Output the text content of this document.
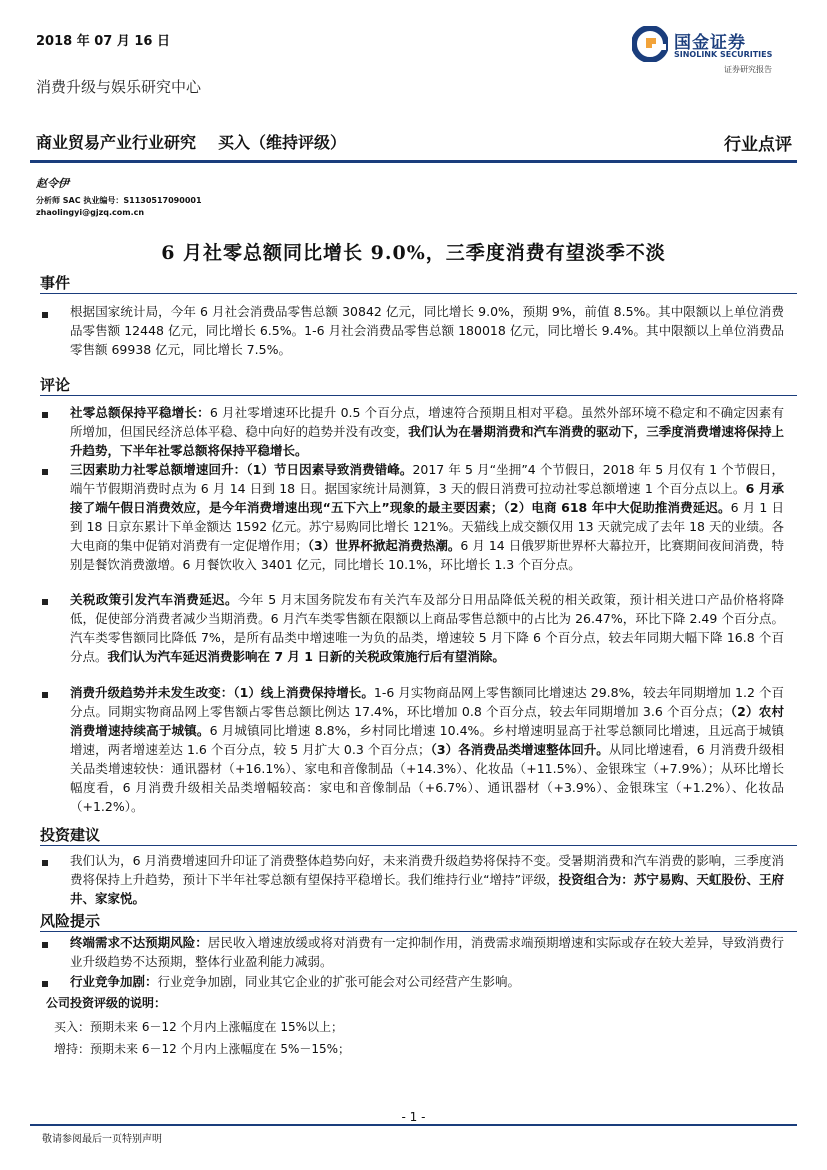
2018 年 07 月 16 日	国金证券
SINOLINK SECURITIES
证券研究报告
消费升级与娱乐研究中心
商业贸易产业行业研究 买入（维持评级）	行业点评
赵令伊
分析师 SAC 执业编号：S1130517090001
zhaolingyi@gjzq.com.cn
6 月社零总额同比增长 9.0%，三季度消费有望淡季不淡
事件
根据国家统计局，今年 6 月社会消费品零售总额 30842 亿元，同比增长 9.0%，预期 9%，前值 8.5%。其中限额以上单位消费品零售额 12448 亿元，同比增长 6.5%。1-6 月社会消费品零售总额 180018 亿元，同比增长 9.4%。其中限额以上单位消费品零售额 69938 亿元，同比增长 7.5%。
评论
社零总额保持平稳增长：6 月社零增速环比提升 0.5 个百分点，增速符合预期且相对平稳。虽然外部环境不稳定和不确定因素有所增加，但国民经济总体平稳、稳中向好的趋势并没有改变，我们认为在暑期消费和汽车消费的驱动下，三季度消费增速将保持上升趋势，下半年社零总额将保持平稳增长。
三因素助力社零总额增速回升：（1）节日因素导致消费错峰。2017 年 5 月“坐拥”4 个节假日，2018 年 5 月仅有 1 个节假日，端午节假期消费时点为 6 月 14 日到 18 日。据国家统计局测算，3 天的假日消费可拉动社零总额增速 1 个百分点以上。6 月承接了端午假日消费效应，是今年消费增速出现“五下六上”现象的最主要因素；（2）电商 618 年中大促助推消费延迟。6 月 1 日到 18 日京东累计下单金额达 1592 亿元。苏宁易购同比增长 121%。天猫线上成交额仅用 13 天就完成了去年 18 天的业绩。各大电商的集中促销对消费有一定促增作用；（3）世界杯掀起消费热潮。6 月 14 日俄罗斯世界杯大幕拉开，比赛期间夜间消费，特别是餐饮消费激增。6 月餐饮收入 3401 亿元，同比增长 10.1%，环比增长 1.3 个百分点。
关税政策引发汽车消费延迟。今年 5 月末国务院发布有关汽车及部分日用品降低关税的相关政策，预计相关进口产品价格将降低，促使部分消费者减少当期消费。6 月汽车类零售额在限额以上商品零售总额中的占比为 26.47%，环比下降 2.49 个百分点。汽车类零售额同比降低 7%，是所有品类中增速唯一为负的品类，增速较 5 月下降 6 个百分点，较去年同期大幅下降 16.8 个百分点。我们认为汽车延迟消费影响在 7 月 1 日新的关税政策施行后有望消除。
消费升级趋势并未发生改变：（1）线上消费保持增长。1-6 月实物商品网上零售额同比增速达 29.8%，较去年同期增加 1.2 个百分点。同期实物商品网上零售额占零售总额比例达 17.4%，环比增加 0.8 个百分点，较去年同期增加 3.6 个百分点；（2）农村消费增速持续高于城镇。6 月城镇同比增速 8.8%，乡村同比增速 10.4%。乡村增速明显高于社零总额同比增速，且远高于城镇增速，两者增速差达 1.6 个百分点，较 5 月扩大 0.3 个百分点；（3）各消费品类增速整体回升。从同比增速看，6 月消费升级相关品类增速较快：通讯器材（+16.1%）、家电和音像制品（+14.3%）、化妆品（+11.5%）、金银珠宝（+7.9%）；从环比增长幅度看，6 月消费升级相关品类增幅较高：家电和音像制品（+6.7%）、通讯器材（+3.9%）、金银珠宝（+1.2%）、化妆品（+1.2%）。
投资建议
我们认为，6 月消费增速回升印证了消费整体趋势向好，未来消费升级趋势将保持不变。受暑期消费和汽车消费的影响，三季度消费将保持上升趋势，预计下半年社零总额有望保持平稳增长。我们维持行业“增持”评级，投资组合为：苏宁易购、天虹股份、王府井、家家悦。
风险提示
终端需求不达预期风险：居民收入增速放缓或将对消费有一定抑制作用，消费需求端预期增速和实际或存在较大差异，导致消费行业升级趋势不达预期，整体行业盈利能力减弱。
行业竞争加剧：行业竞争加剧，同业其它企业的扩张可能会对公司经营产生影响。
公司投资评级的说明：
买入：预期未来 6－12 个月内上涨幅度在 15%以上；
增持：预期未来 6－12 个月内上涨幅度在 5%－15%；
- 1 -
敬请参阅最后一页特别声明
